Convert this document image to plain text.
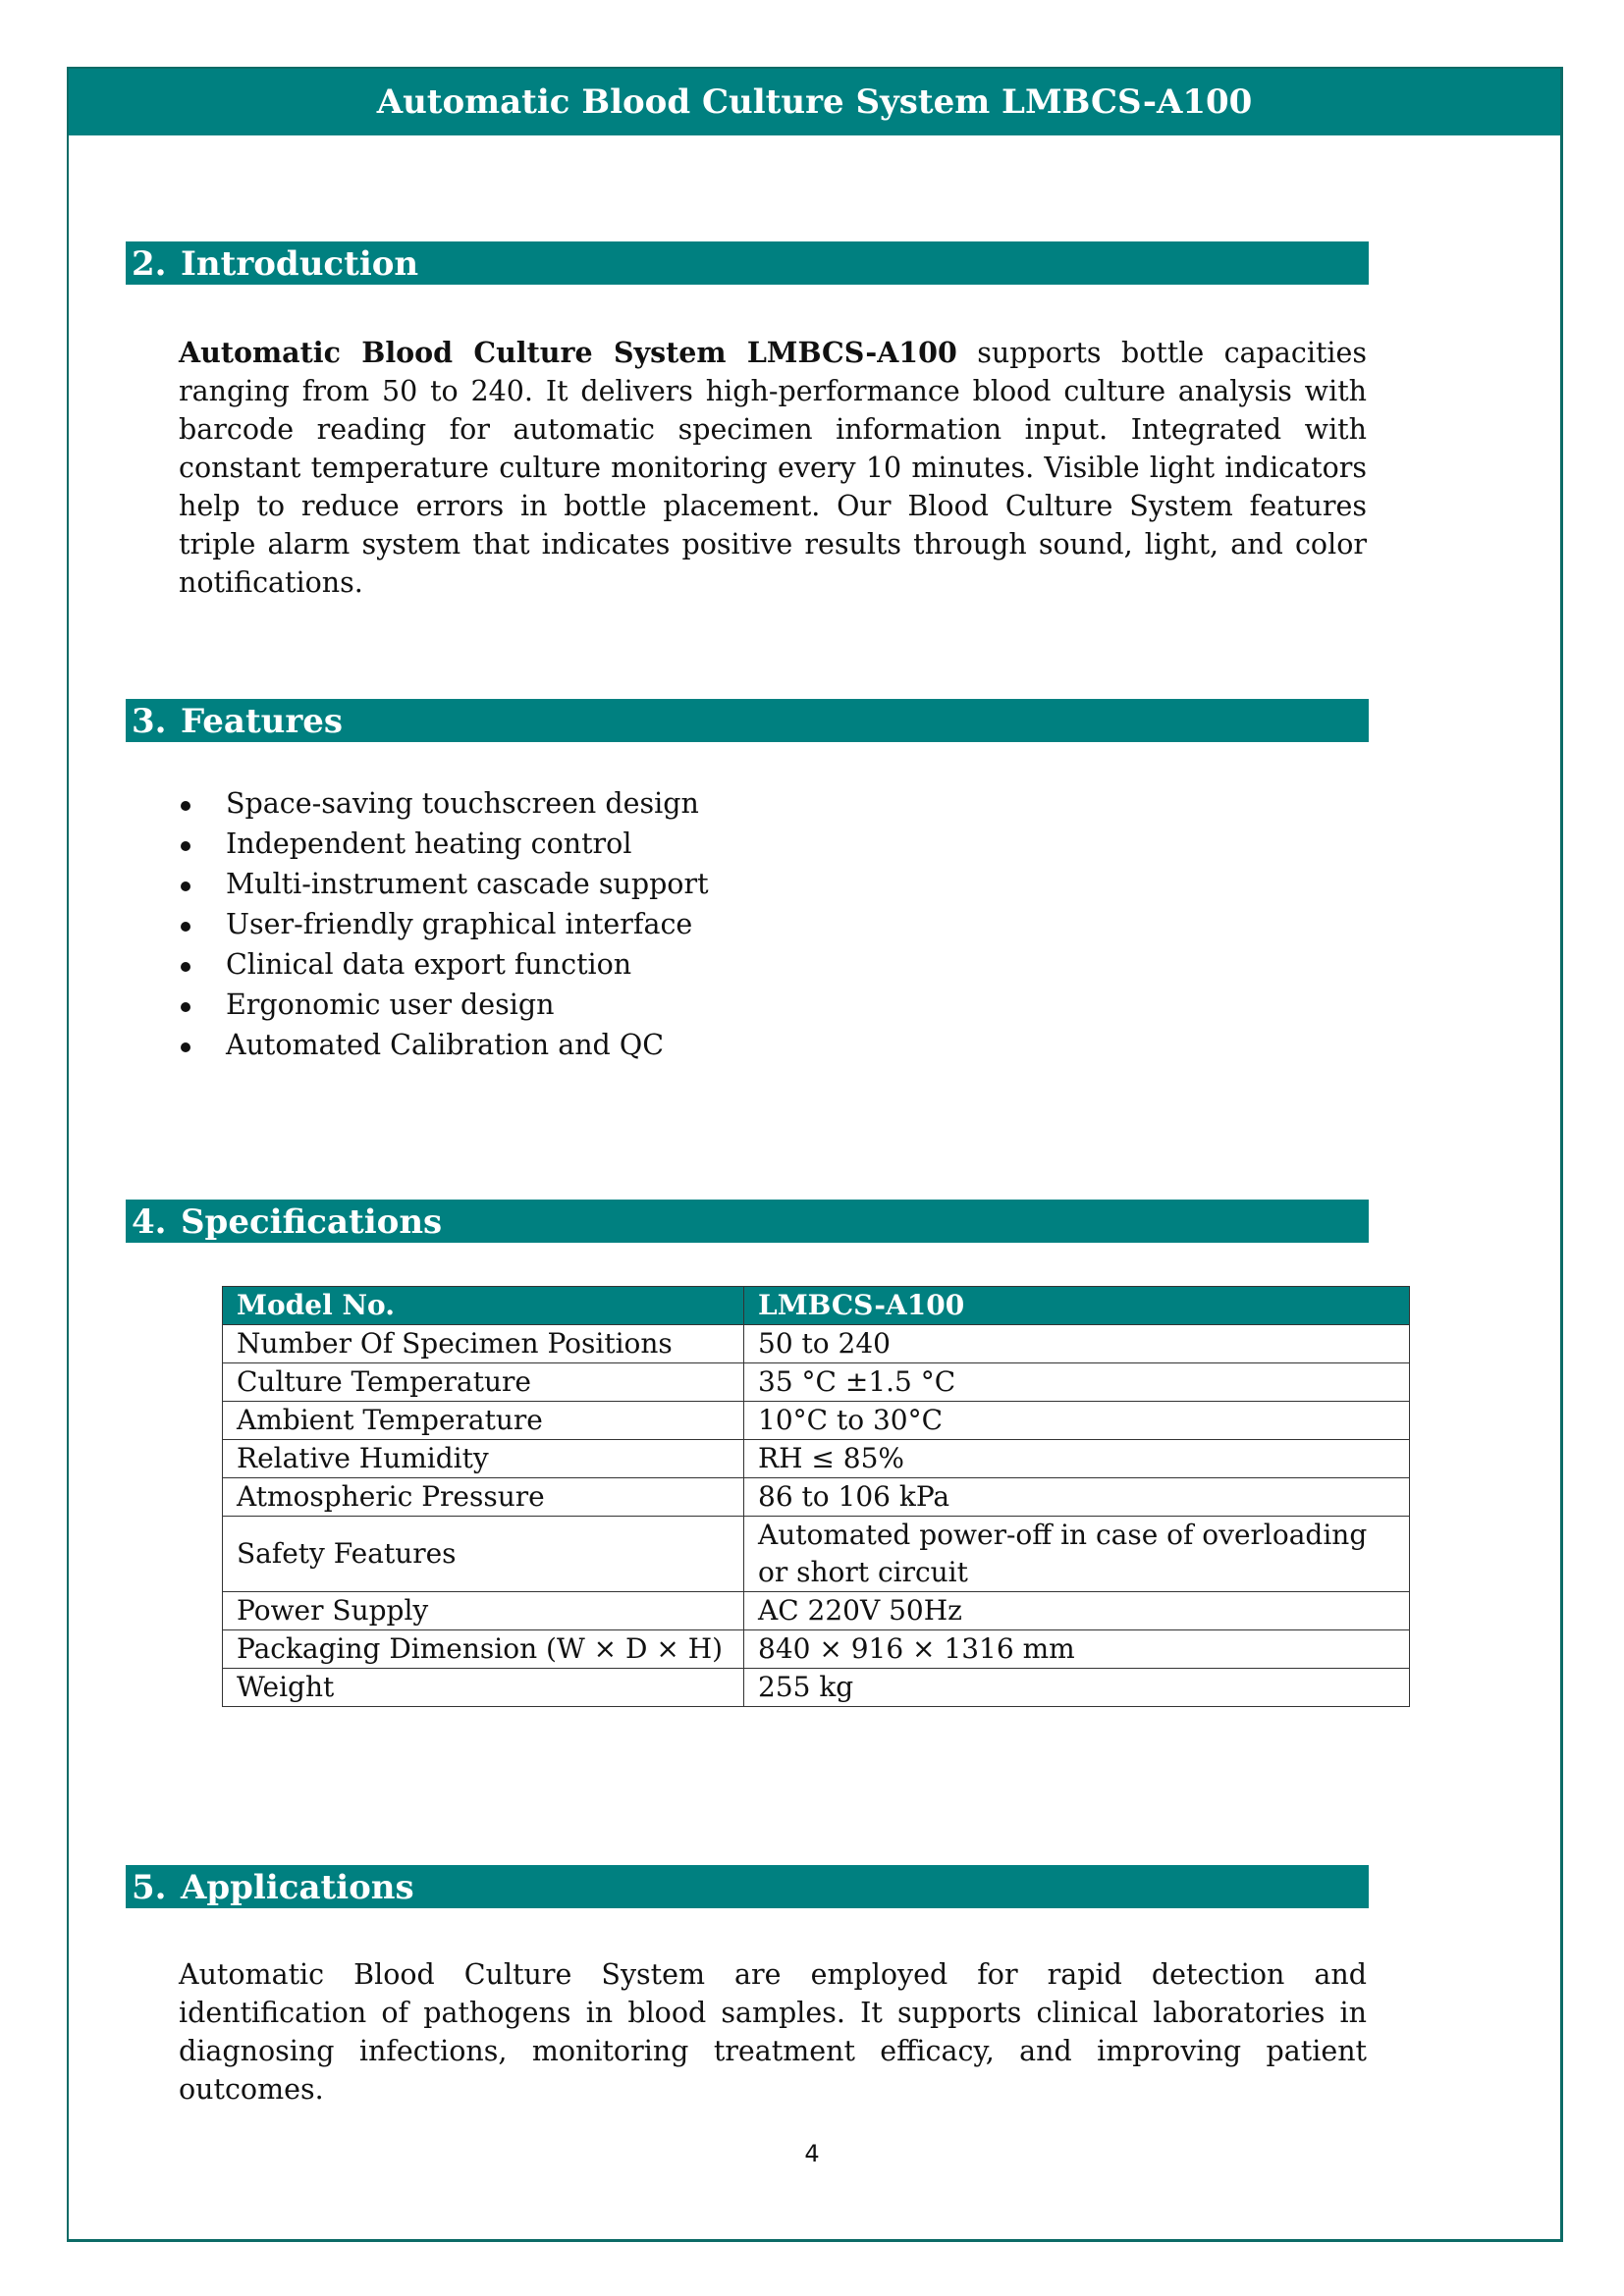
Automatic Blood Culture System LMBCS-A100
2. Introduction
Automatic Blood Culture System LMBCS-A100 supports bottle capacities ranging from 50 to 240. It delivers high-performance blood culture analysis with barcode reading for automatic specimen information input. Integrated with constant temperature culture monitoring every 10 minutes. Visible light indicators help to reduce errors in bottle placement. Our Blood Culture System features triple alarm system that indicates positive results through sound, light, and color notifications.
3. Features
Space-saving touchscreen design
Independent heating control
Multi-instrument cascade support
User-friendly graphical interface
Clinical data export function
Ergonomic user design
Automated Calibration and QC
4. Specifications
Model No.	LMBCS-A100
Number Of Specimen Positions	50 to 240
Culture Temperature	35 °C ±1.5 °C
Ambient Temperature	10°C to 30°C
Relative Humidity	RH ≤ 85%
Atmospheric Pressure	86 to 106 kPa
Safety Features	Automated power-off in case of overloading or short circuit
Power Supply	AC 220V 50Hz
Packaging Dimension (W × D × H)	840 × 916 × 1316 mm
Weight	255 kg
5. Applications
Automatic Blood Culture System are employed for rapid detection and identification of pathogens in blood samples. It supports clinical laboratories in diagnosing infections, monitoring treatment efficacy, and improving patient outcomes.
4
